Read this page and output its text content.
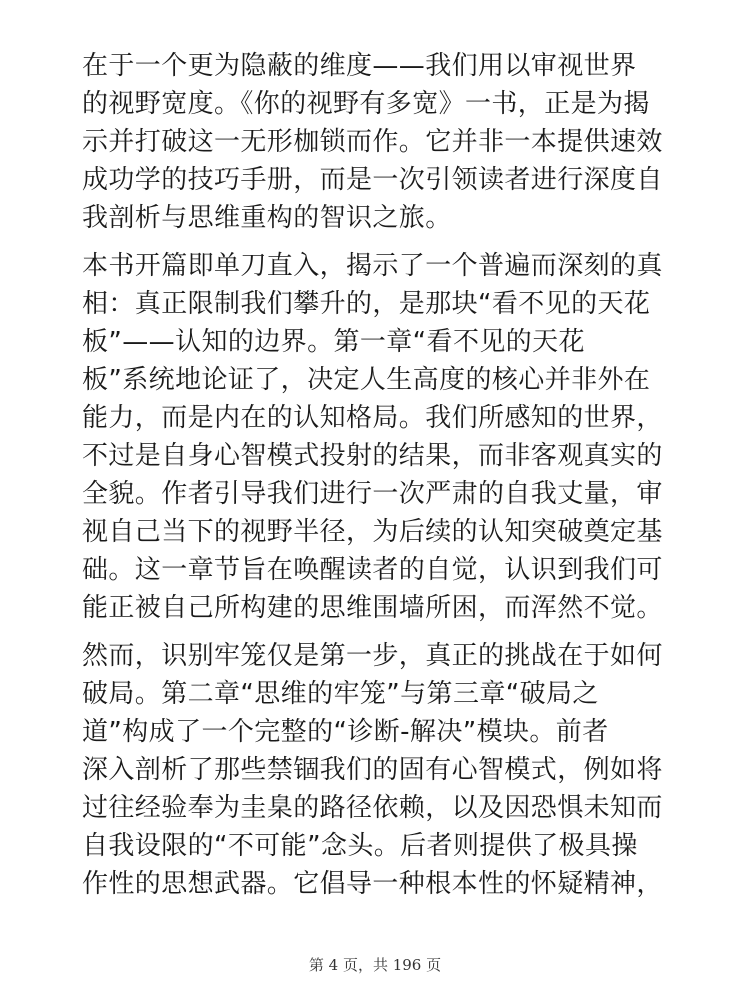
在于一个更为隐蔽的维度——我们用以审视世界
的视野宽度。《你的视野有多宽》一书，正是为揭
示并打破这一无形枷锁而作。它并非一本提供速效
成功学的技巧手册，而是一次引领读者进行深度自
我剖析与思维重构的智识之旅。

本书开篇即单刀直入，揭示了一个普遍而深刻的真
相：真正限制我们攀升的，是那块“看不见的天花
板”——认知的边界。第一章“看不见的天花
板”系统地论证了，决定人生高度的核心并非外在
能力，而是内在的认知格局。我们所感知的世界，
不过是自身心智模式投射的结果，而非客观真实的
全貌。作者引导我们进行一次严肃的自我丈量，审
视自己当下的视野半径，为后续的认知突破奠定基
础。这一章节旨在唤醒读者的自觉，认识到我们可
能正被自己所构建的思维围墙所困，而浑然不觉。

然而，识别牢笼仅是第一步，真正的挑战在于如何
破局。第二章“思维的牢笼”与第三章“破局之
道”构成了一个完整的“诊断-解决”模块。前者
深入剖析了那些禁锢我们的固有心智模式，例如将
过往经验奉为圭臬的路径依赖，以及因恐惧未知而
自我设限的“不可能”念头。后者则提供了极具操
作性的思想武器。它倡导一种根本性的怀疑精神，

第 4 页，共 196 页
